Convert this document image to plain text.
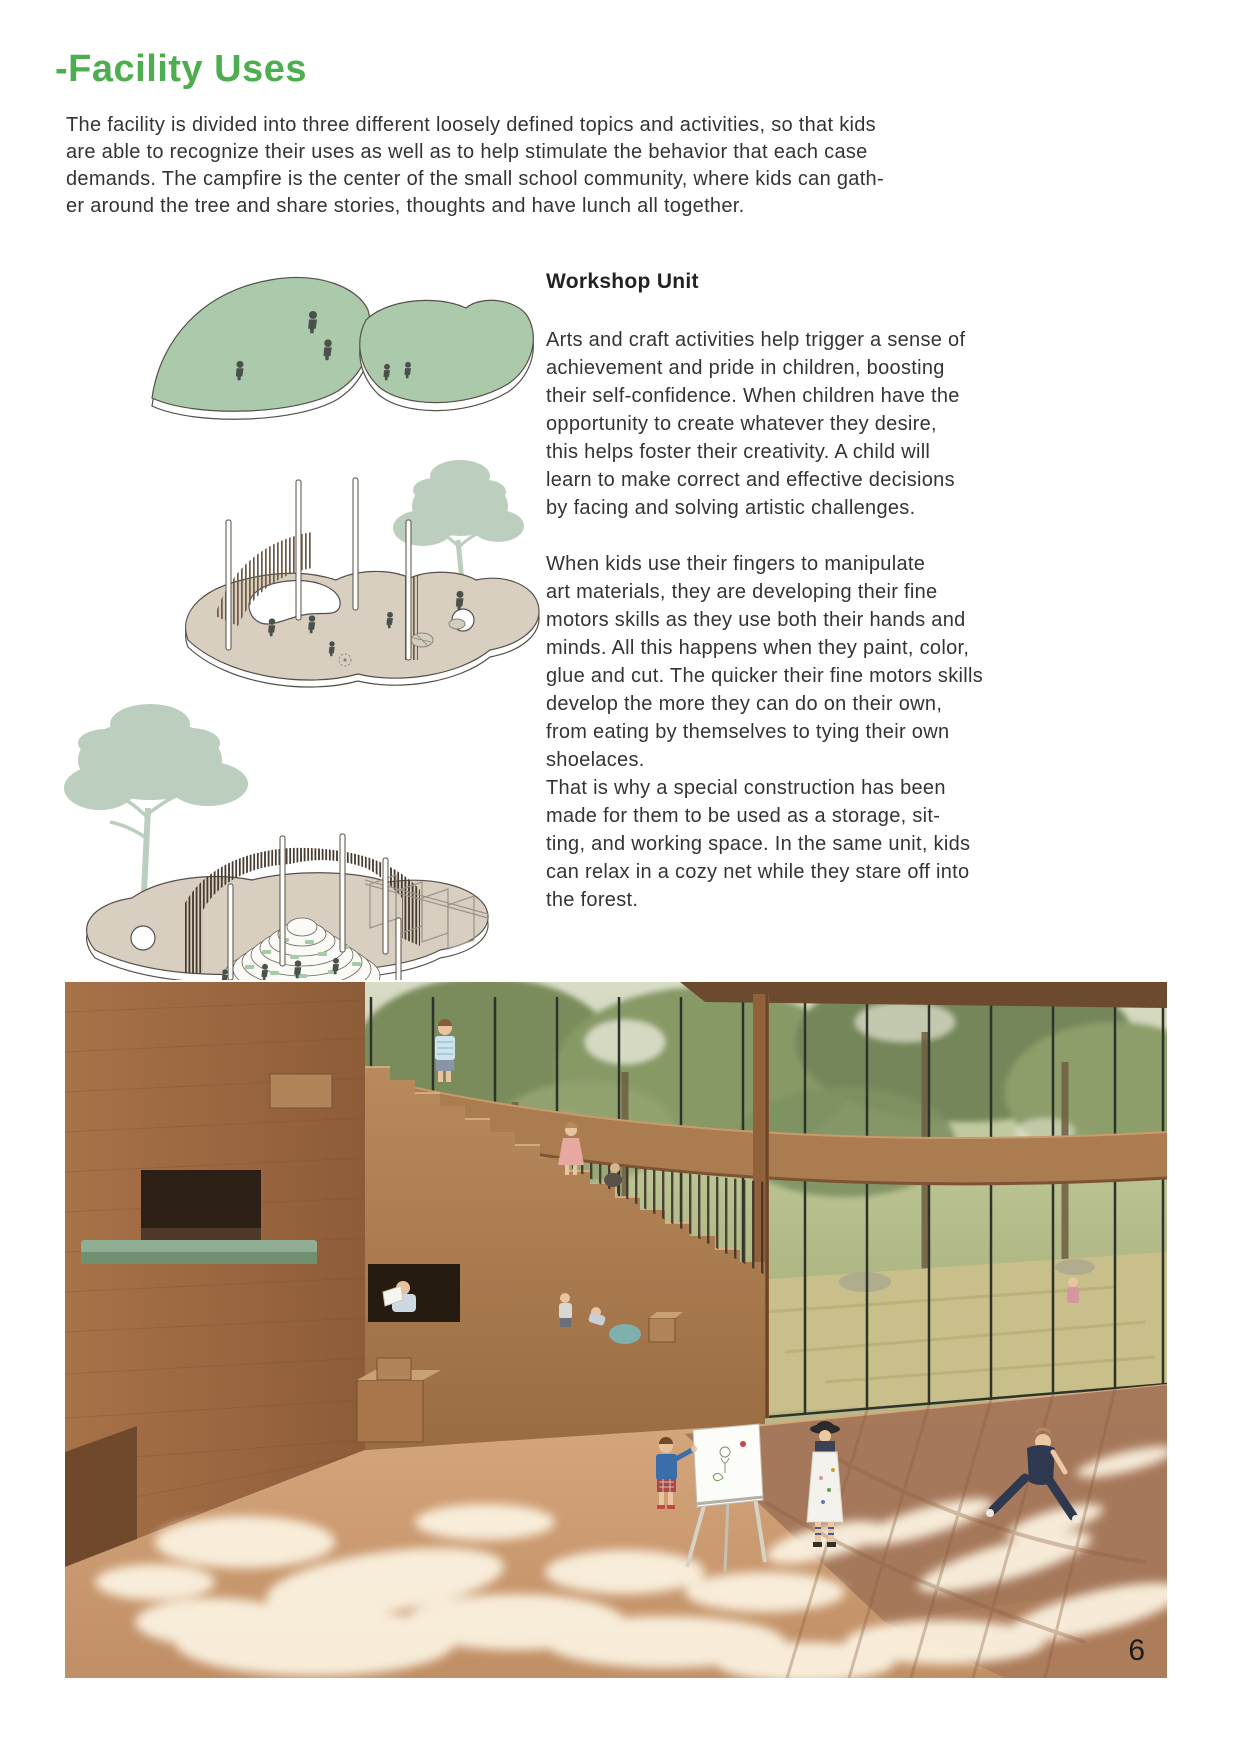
-Facility Uses

The facility is divided into three different loosely defined topics and activities, so that kids
are able to recognize their uses as well as to help stimulate the behavior that each case
demands. The campfire is the center of the small school community, where kids can gath-
er around the tree and share stories, thoughts and have lunch all together.

Workshop Unit

Arts and craft activities help trigger a sense of
achievement and pride in children, boosting
their self-confidence. When children have the
opportunity to create whatever they desire,
this helps foster their creativity. A child will
learn to make correct and effective decisions
by facing and solving artistic challenges.

When kids use their fingers to manipulate
art materials, they are developing their fine
motors skills as they use both their hands and
minds. All this happens when they paint, color,
glue and cut. The quicker their fine motors skills
develop the more they can do on their own,
from eating by themselves to tying their own
shoelaces.
That is why a special construction has been
made for them to be used as a storage, sit-
ting, and working space. In the same unit, kids
can relax in a cozy net while they stare off into
the forest.

6
